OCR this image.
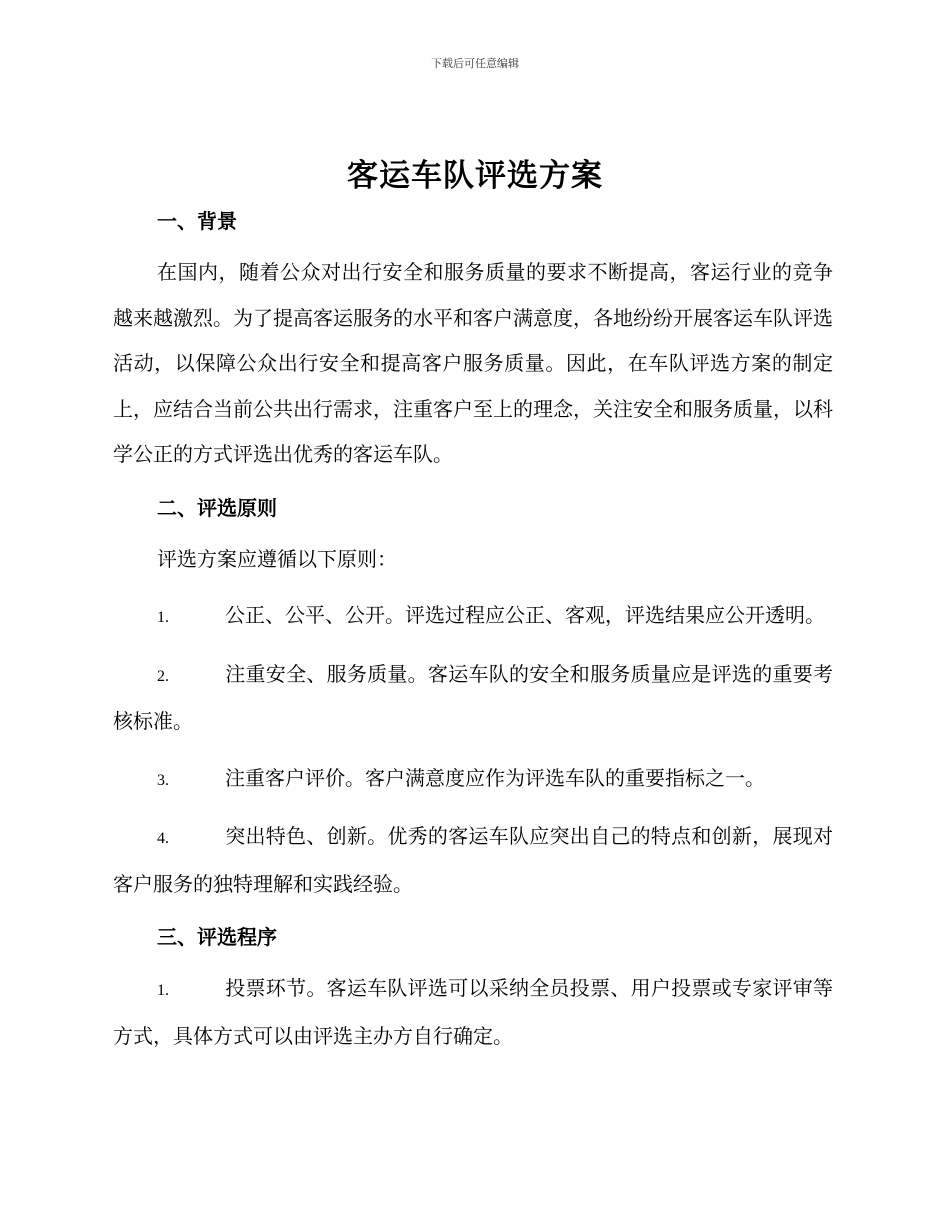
下载后可任意编辑
客运车队评选方案
一、背景

在国内，随着公众对出行安全和服务质量的要求不断提高，客运行业的竞争越来越激烈。为了提高客运服务的水平和客户满意度，各地纷纷开展客运车队评选活动，以保障公众出行安全和提高客户服务质量。因此，在车队评选方案的制定上，应结合当前公共出行需求，注重客户至上的理念，关注安全和服务质量，以科学公正的方式评选出优秀的客运车队。

二、评选原则

评选方案应遵循以下原则：

1.	公正、公平、公开。评选过程应公正、客观，评选结果应公开透明。

2.	注重安全、服务质量。客运车队的安全和服务质量应是评选的重要考核标准。

3.	注重客户评价。客户满意度应作为评选车队的重要指标之一。

4.	突出特色、创新。优秀的客运车队应突出自己的特点和创新，展现对客户服务的独特理解和实践经验。

三、评选程序

1.	投票环节。客运车队评选可以采纳全员投票、用户投票或专家评审等方式，具体方式可以由评选主办方自行确定。
